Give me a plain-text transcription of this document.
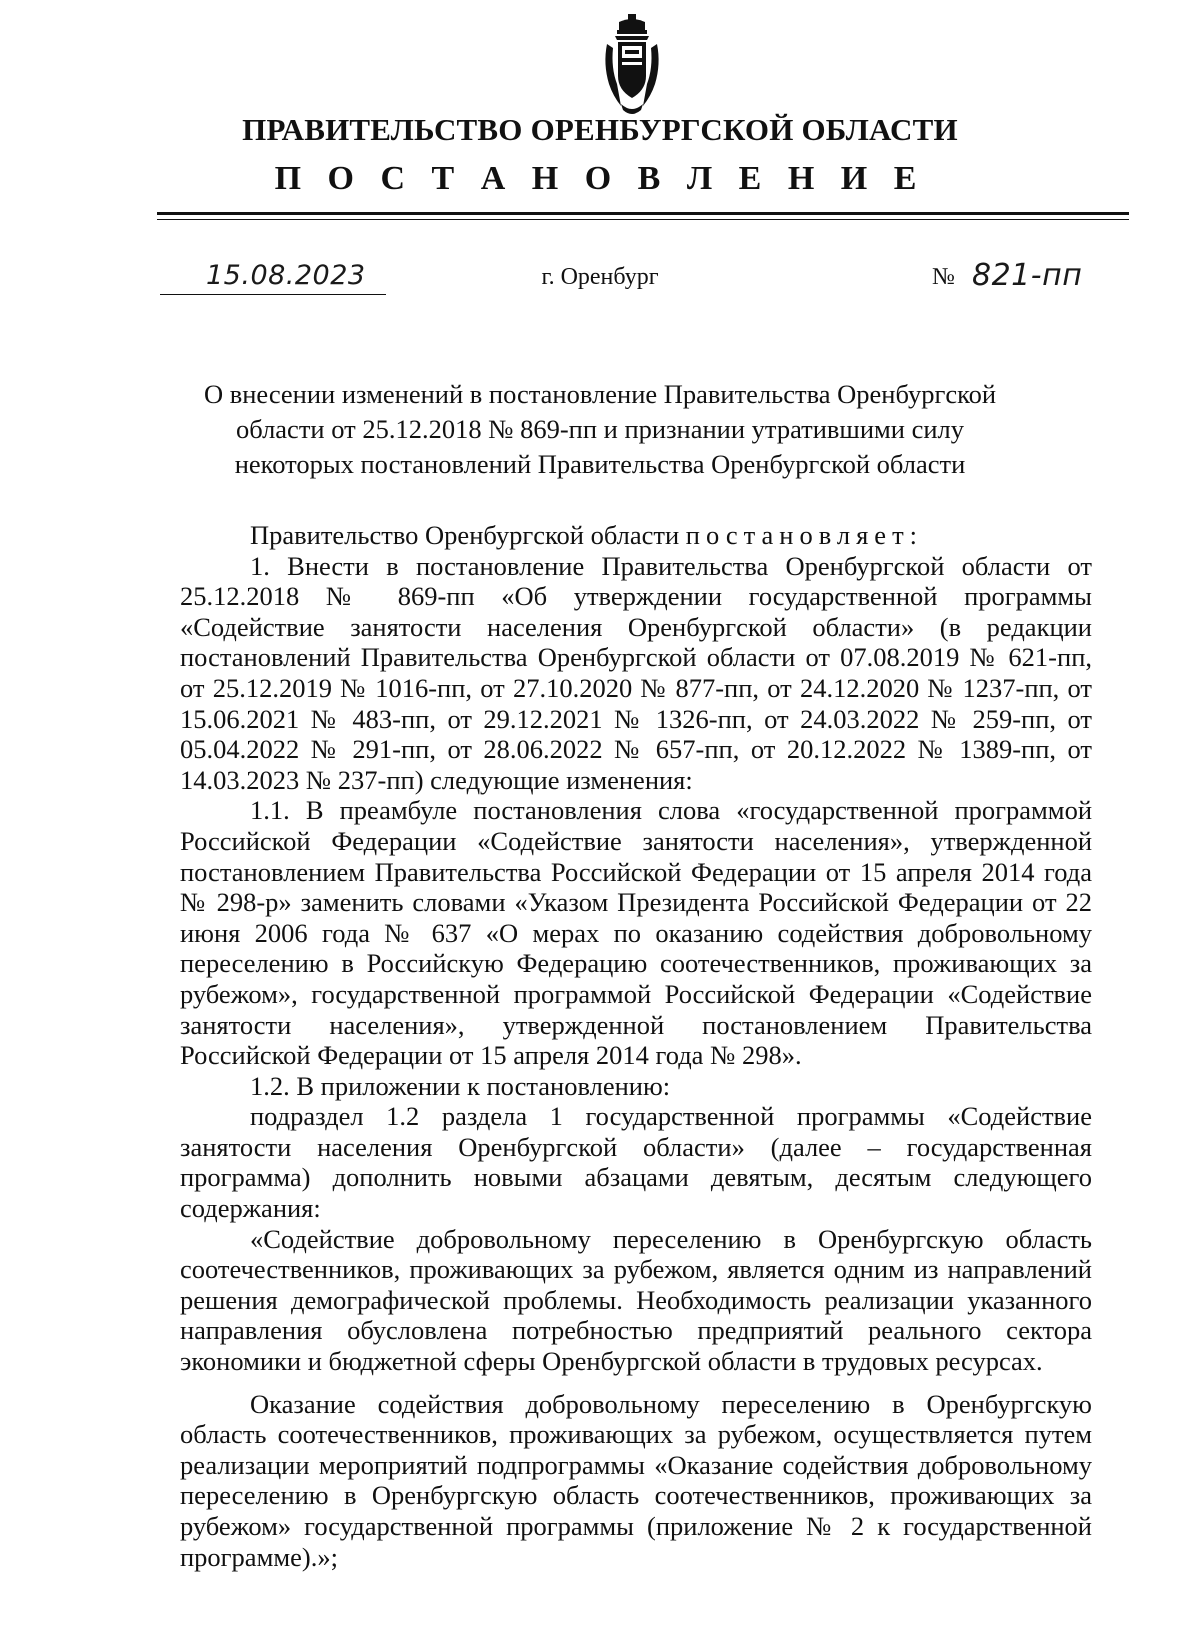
ПРАВИТЕЛЬСТВО ОРЕНБУРГСКОЙ ОБЛАСТИ
П О С Т А Н О В Л Е Н И Е
15.08.2023	г. Оренбург	№ 821-пп
О внесении изменений в постановление Правительства Оренбургской
области от 25.12.2018 № 869-пп и признании утратившими силу
некоторых постановлений Правительства Оренбургской области

Правительство Оренбургской области постановляет:

1. Внести в постановление Правительства Оренбургской области от 25.12.2018 № 869-пп «Об утверждении государственной программы «Содействие занятости населения Оренбургской области» (в редакции постановлений Правительства Оренбургской области от 07.08.2019 № 621-пп, от 25.12.2019 № 1016-пп, от 27.10.2020 № 877-пп, от 24.12.2020 № 1237-пп, от 15.06.2021 № 483-пп, от 29.12.2021 № 1326-пп, от 24.03.2022 № 259-пп, от 05.04.2022 № 291-пп, от 28.06.2022 № 657-пп, от 20.12.2022 № 1389-пп, от 14.03.2023 № 237-пп) следующие изменения:

1.1. В преамбуле постановления слова «государственной программой Российской Федерации «Содействие занятости населения», утвержденной постановлением Правительства Российской Федерации от 15 апреля 2014 года № 298-р» заменить словами «Указом Президента Российской Федерации от 22 июня 2006 года № 637 «О мерах по оказанию содействия добровольному переселению в Российскую Федерацию соотечественников, проживающих за рубежом», государственной программой Российской Федерации «Содействие занятости населения», утвержденной постановлением Правительства Российской Федерации от 15 апреля 2014 года № 298».

1.2. В приложении к постановлению:

подраздел 1.2 раздела 1 государственной программы «Содействие занятости населения Оренбургской области» (далее – государственная программа) дополнить новыми абзацами девятым, десятым следующего содержания:

«Содействие добровольному переселению в Оренбургскую область соотечественников, проживающих за рубежом, является одним из направлений решения демографической проблемы. Необходимость реализации указанного направления обусловлена потребностью предприятий реального сектора экономики и бюджетной сферы Оренбургской области в трудовых ресурсах.

Оказание содействия добровольному переселению в Оренбургскую область соотечественников, проживающих за рубежом, осуществляется путем реализации мероприятий подпрограммы «Оказание содействия добровольному переселению в Оренбургскую область соотечественников, проживающих за рубежом» государственной программы (приложение № 2 к государственной программе).»;
